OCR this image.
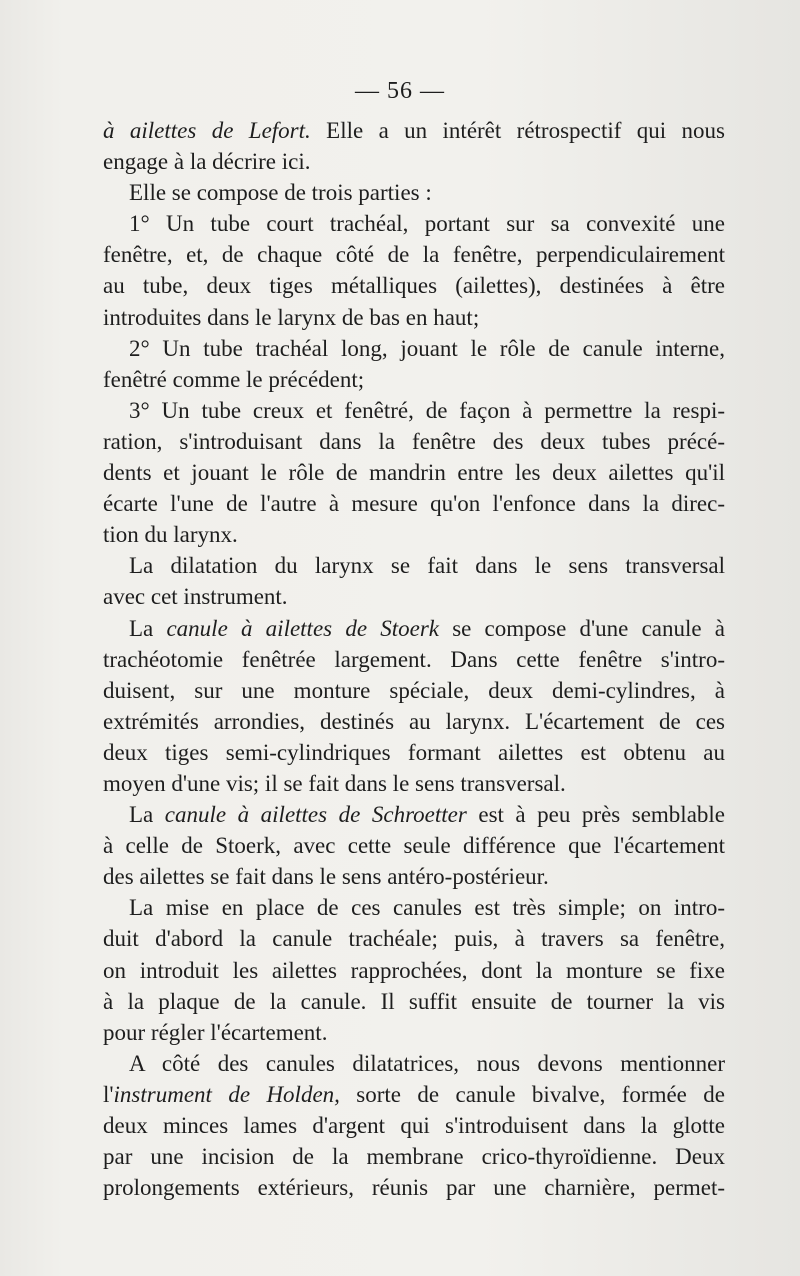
— 56 —

à ailettes de Lefort. Elle a un intérêt rétrospectif qui nous

engage à la décrire ici.

Elle se compose de trois parties :

1° Un tube court trachéal, portant sur sa convexité une

fenêtre, et, de chaque côté de la fenêtre, perpendiculairement

au tube, deux tiges métalliques (ailettes), destinées à être

introduites dans le larynx de bas en haut;

2° Un tube trachéal long, jouant le rôle de canule interne,

fenêtré comme le précédent;

3° Un tube creux et fenêtré, de façon à permettre la respi-

ration, s'introduisant dans la fenêtre des deux tubes précé-

dents et jouant le rôle de mandrin entre les deux ailettes qu'il

écarte l'une de l'autre à mesure qu'on l'enfonce dans la direc-

tion du larynx.

La dilatation du larynx se fait dans le sens transversal

avec cet instrument.

La canule à ailettes de Stoerk se compose d'une canule à

trachéotomie fenêtrée largement. Dans cette fenêtre s'intro-

duisent, sur une monture spéciale, deux demi-cylindres, à

extrémités arrondies, destinés au larynx. L'écartement de ces

deux tiges semi-cylindriques formant ailettes est obtenu au

moyen d'une vis; il se fait dans le sens transversal.

La canule à ailettes de Schroetter est à peu près semblable

à celle de Stoerk, avec cette seule différence que l'écartement

des ailettes se fait dans le sens antéro-postérieur.

La mise en place de ces canules est très simple; on intro-

duit d'abord la canule trachéale; puis, à travers sa fenêtre,

on introduit les ailettes rapprochées, dont la monture se fixe

à la plaque de la canule. Il suffit ensuite de tourner la vis

pour régler l'écartement.

A côté des canules dilatatrices, nous devons mentionner

l'instrument de Holden, sorte de canule bivalve, formée de

deux minces lames d'argent qui s'introduisent dans la glotte

par une incision de la membrane crico-thyroïdienne. Deux

prolongements extérieurs, réunis par une charnière, permet-
